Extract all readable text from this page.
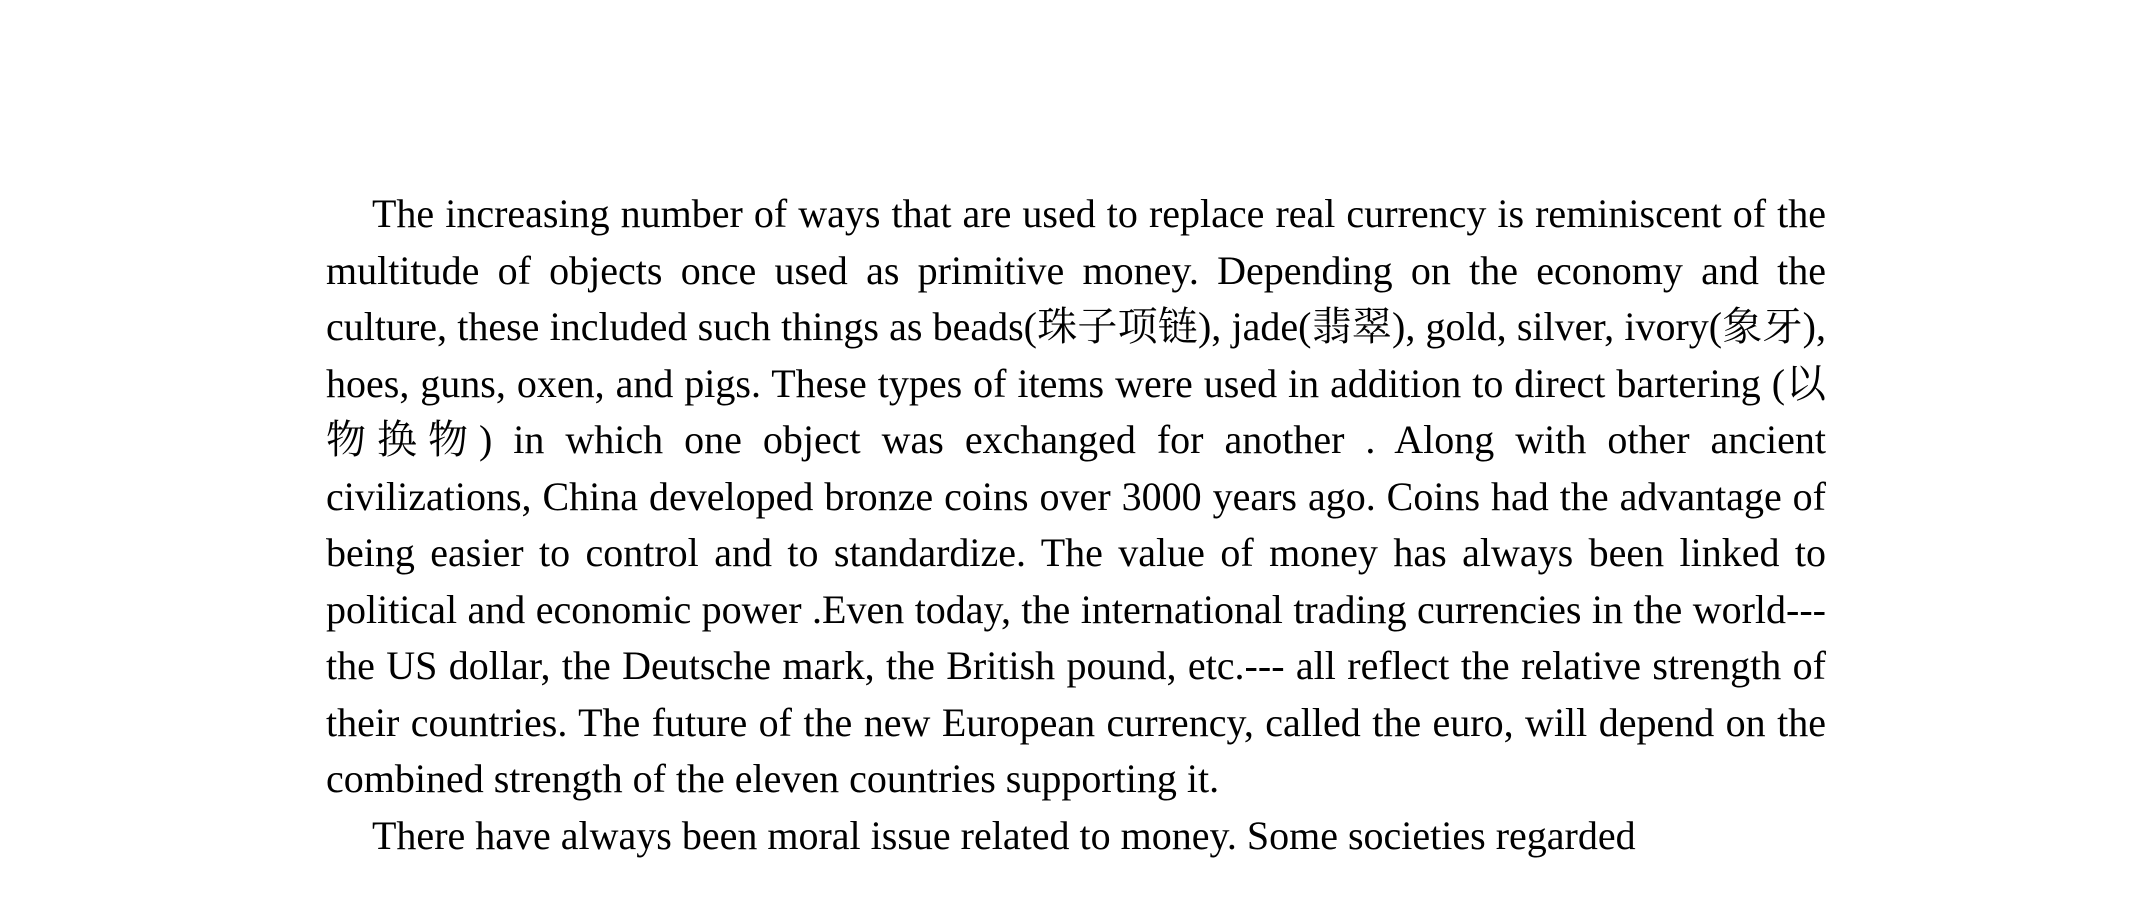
The increasing number of ways that are used to replace real currency is reminiscent of the multitude of objects once used as primitive money. Depending on the economy and the culture, these included such things as beads(珠子项链), jade(翡翠), gold, silver, ivory(象牙), hoes, guns, oxen, and pigs. These types of items were used in addition to direct bartering (以物换物) in which one object was exchanged for another . Along with other ancient civilizations, China developed bronze coins over 3000 years ago. Coins had the advantage of being easier to control and to standardize. The value of money has always been linked to political and economic power .Even today, the international trading currencies in the world---the US dollar, the Deutsche mark, the British pound, etc.--- all reflect the relative strength of their countries. The future of the new European currency, called the euro, will depend on the combined strength of the eleven countries supporting it.

There have always been moral issue related to money. Some societies regarded
